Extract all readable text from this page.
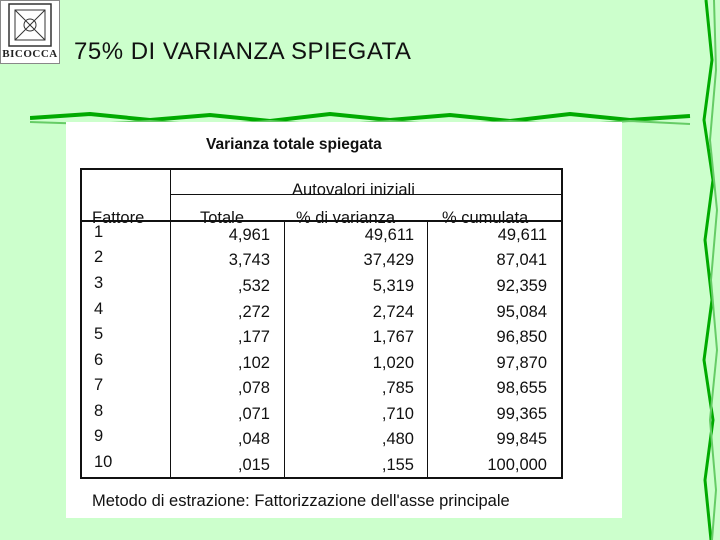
BICOCCA 75% DI VARIANZA SPIEGATA
Varianza totale spiegata
Autovalori iniziali
Fattore	Totale	% di varianza	% cumulata
1	4,961	49,611	49,611
2	3,743	37,429	87,041
3	,532	5,319	92,359
4	,272	2,724	95,084
5	,177	1,767	96,850
6	,102	1,020	97,870
7	,078	,785	98,655
8	,071	,710	99,365
9	,048	,480	99,845
10	,015	,155	100,000
Metodo di estrazione: Fattorizzazione dell'asse principale
